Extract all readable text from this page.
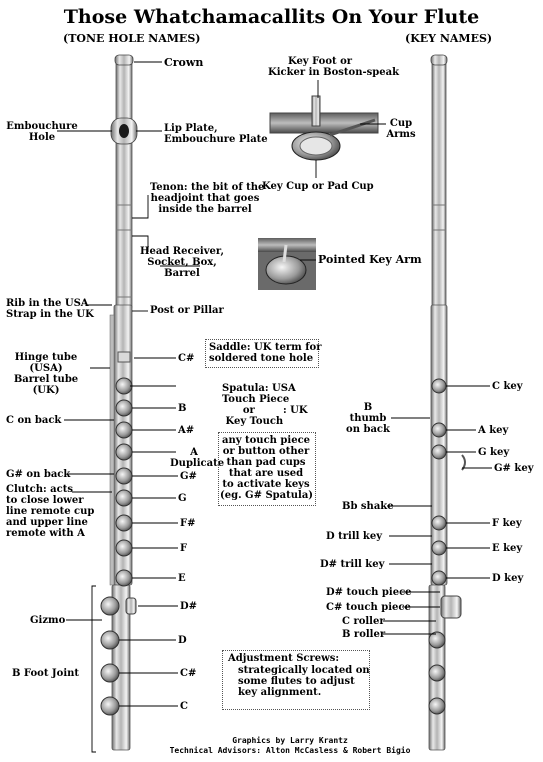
Those Whatchamacallits On Your Flute
(TONE HOLE NAMES)	(KEY NAMES)
Crown
Embouchure
Hole
Lip Plate,
Embouchure Plate
Tenon: the bit of the
headjoint that goes
inside the barrel
Head Receiver,
Socket, Box,
Barrel
Rib in the USA
Strap in the UK	Post or Pillar
Hinge tube
(USA)
Barrel tube
(UK)
C#
B
C on back
A#
A
Duplicate
G# on back	G#
Clutch: acts
to close lower
line remote cup
and upper line
remote with A
G
F#
F
E
Gizmo
D#
D
B Foot Joint	C#
C
Key Foot or
Kicker in Boston-speak
Cup
Arms
Key Cup or Pad Cup
Pointed Key Arm
Saddle: UK term for
soldered tone hole
Spatula: USA
Touch Piece
or
Key Touch
: UK
any touch piece
or button other
than pad cups
that are used
to activate keys
(eg. G# Spatula)
Adjustment Screws:
strategically located on
some flutes to adjust
key alignment.
C key
B
thumb
on back	A key
G key
G# key
Bb shake
F key
D trill key
E key
D# trill key
D key
D# touch piece
C# touch piece
C roller
B roller
Graphics by Larry Krantz
Technical Advisors: Alton McCasless & Robert Bigio
